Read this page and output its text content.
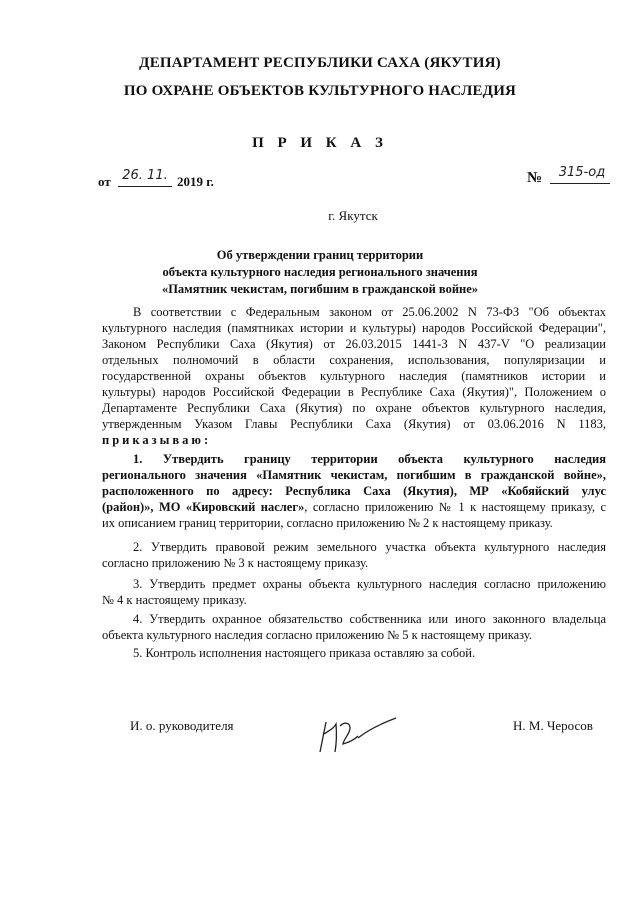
ДЕПАРТАМЕНТ РЕСПУБЛИКИ САХА (ЯКУТИЯ)
ПО ОХРАНЕ ОБЪЕКТОВ КУЛЬТУРНОГО НАСЛЕДИЯ
П Р И К А З
от 26. 11. 2019 г.	№	315-од
г. Якутск
Об утверждении границ территории
объекта культурного наследия регионального значения
«Памятник чекистам, погибшим в гражданской войне»
В соответствии с Федеральным законом от 25.06.2002 N 73-ФЗ "Об объектах
культурного наследия (памятниках истории и культуры) народов Российской Федерации",
Законом Республики Саха (Якутия) от 26.03.2015 1441-З N 437-V "О реализации
отдельных полномочий в области сохранения, использования, популяризации и
государственной охраны объектов культурного наследия (памятников истории и
культуры) народов Российской Федерации в Республике Саха (Якутия)", Положением о
Департаменте Республики Саха (Якутия) по охране объектов культурного наследия,
утвержденным Указом Главы Республики Саха (Якутия) от 03.06.2016 N 1183,
приказываю:
1. Утвердить границу территории объекта культурного наследия
регионального значения «Памятник чекистам, погибшим в гражданской войне»,
расположенного по адресу: Республика Саха (Якутия), МР «Кобяйский улус
(район)», МО «Кировский наслег», согласно приложению № 1 к настоящему приказу, с
их описанием границ территории, согласно приложению № 2 к настоящему приказу.
2. Утвердить правовой режим земельного участка объекта культурного наследия
согласно приложению № 3 к настоящему приказу.
3. Утвердить предмет охраны объекта культурного наследия согласно приложению
№ 4 к настоящему приказу.
4. Утвердить охранное обязательство собственника или иного законного владельца
объекта культурного наследия согласно приложению № 5 к настоящему приказу.
5. Контроль исполнения настоящего приказа оставляю за собой.
И. о. руководителя	Н. М. Черосов
